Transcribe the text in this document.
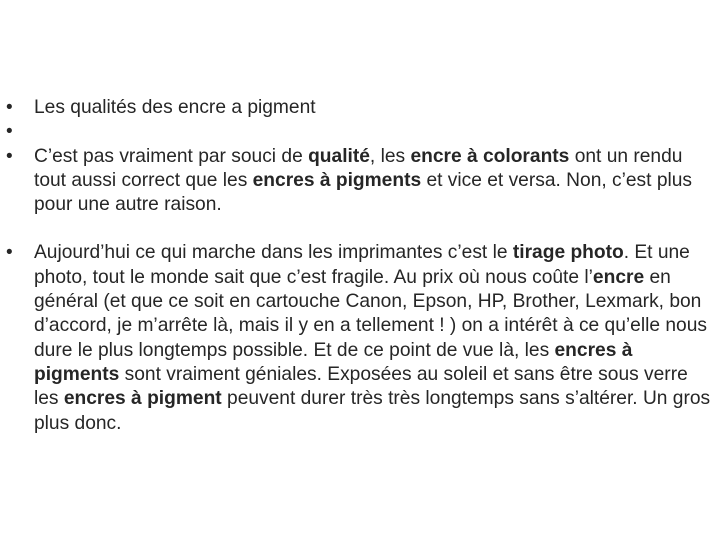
•	Les qualités des encre a pigment
•
•	C’est pas vraiment par souci de qualité, les encre à colorants ont un rendu tout aussi correct que les encres à pigments et vice et versa. Non, c’est plus pour une autre raison.
•	Aujourd’hui ce qui marche dans les imprimantes c’est le tirage photo. Et une photo, tout le monde sait que c’est fragile. Au prix où nous coûte l’encre en général (et que ce soit en cartouche Canon, Epson, HP, Brother, Lexmark, bon d’accord, je m’arrête là, mais il y en a tellement ! ) on a intérêt à ce qu’elle nous dure le plus longtemps possible. Et de ce point de vue là, les encres à pigments sont vraiment géniales. Exposées au soleil et sans être sous verre les encres à pigment peuvent durer très très longtemps sans s’altérer. Un gros plus donc.
